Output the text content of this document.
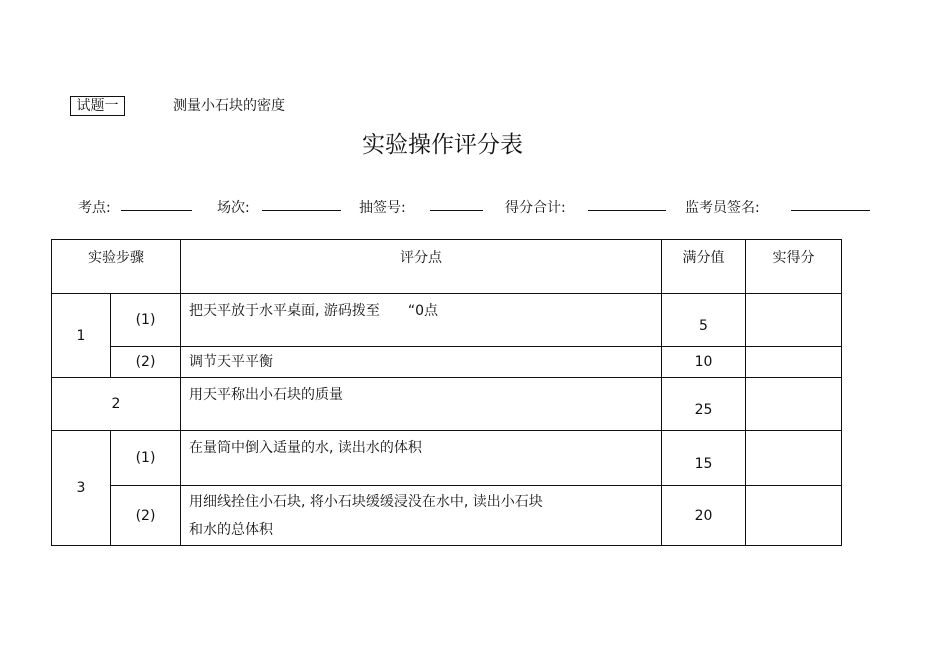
试题一	测量小石块的密度
实验操作评分表
考点:	场次:	抽签号:	得分合计:	监考员签名:
实验步骤		评分点	满分值	实得分
1	(1)	把天平放于水平桌面, 游码拨至　　“0点	5	
	(2)	调节天平平衡	10	
2		用天平称出小石块的质量	25	
3	(1)	在量筒中倒入适量的水, 读出水的体积	15	
	(2)	用细线拴住小石块, 将小石块缓缓浸没在水中, 读出小石块
和水的总体积	20	
